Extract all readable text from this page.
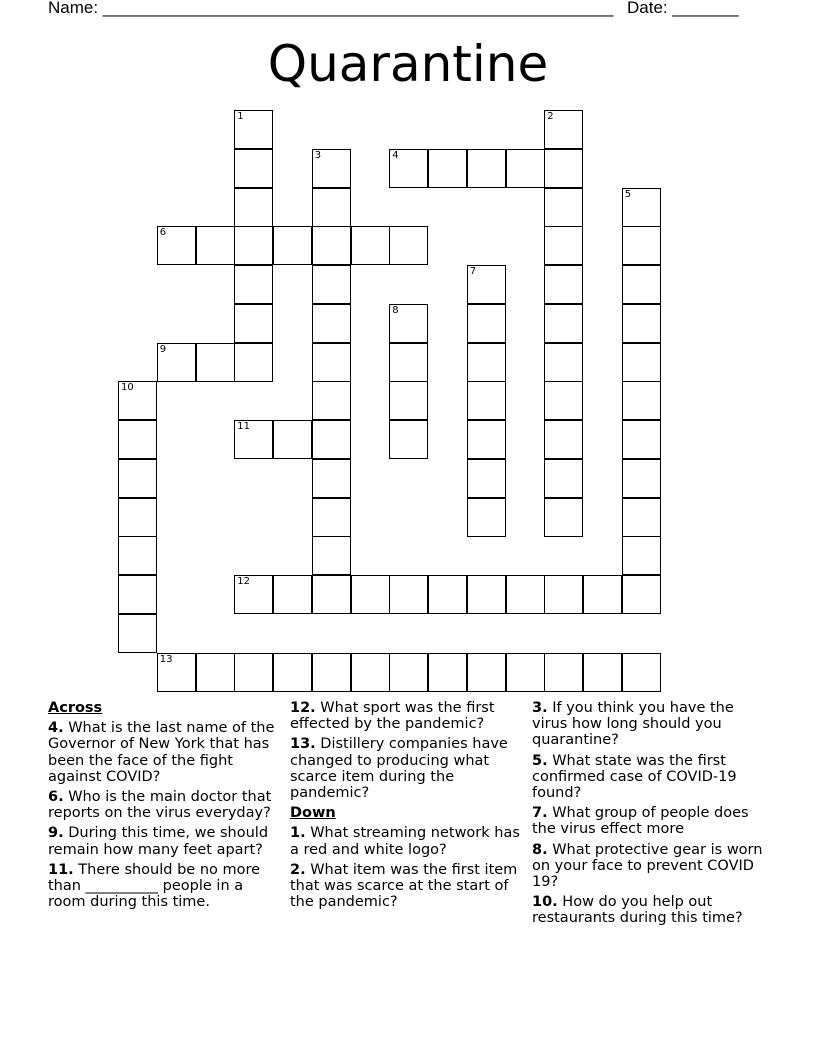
Name: ______________________________________________________ Date: _______
Quarantine
1	2
3	4
5
6
7
8
9
10
11
12
13
Across
4. What is the last name of the Governor of New York that has been the face of the fight against COVID?
6. Who is the main doctor that reports on the virus everyday?
9. During this time, we should remain how many feet apart?
11. There should be no more than __________ people in a room during this time.
12. What sport was the first effected by the pandemic?
13. Distillery companies have changed to producing what scarce item during the pandemic?
Down
1. What streaming network has a red and white logo?
2. What item was the first item that was scarce at the start of the pandemic?
3. If you think you have the virus how long should you quarantine?
5. What state was the first confirmed case of COVID-19 found?
7. What group of people does the virus effect more
8. What protective gear is worn on your face to prevent COVID 19?
10. How do you help out restaurants during this time?
